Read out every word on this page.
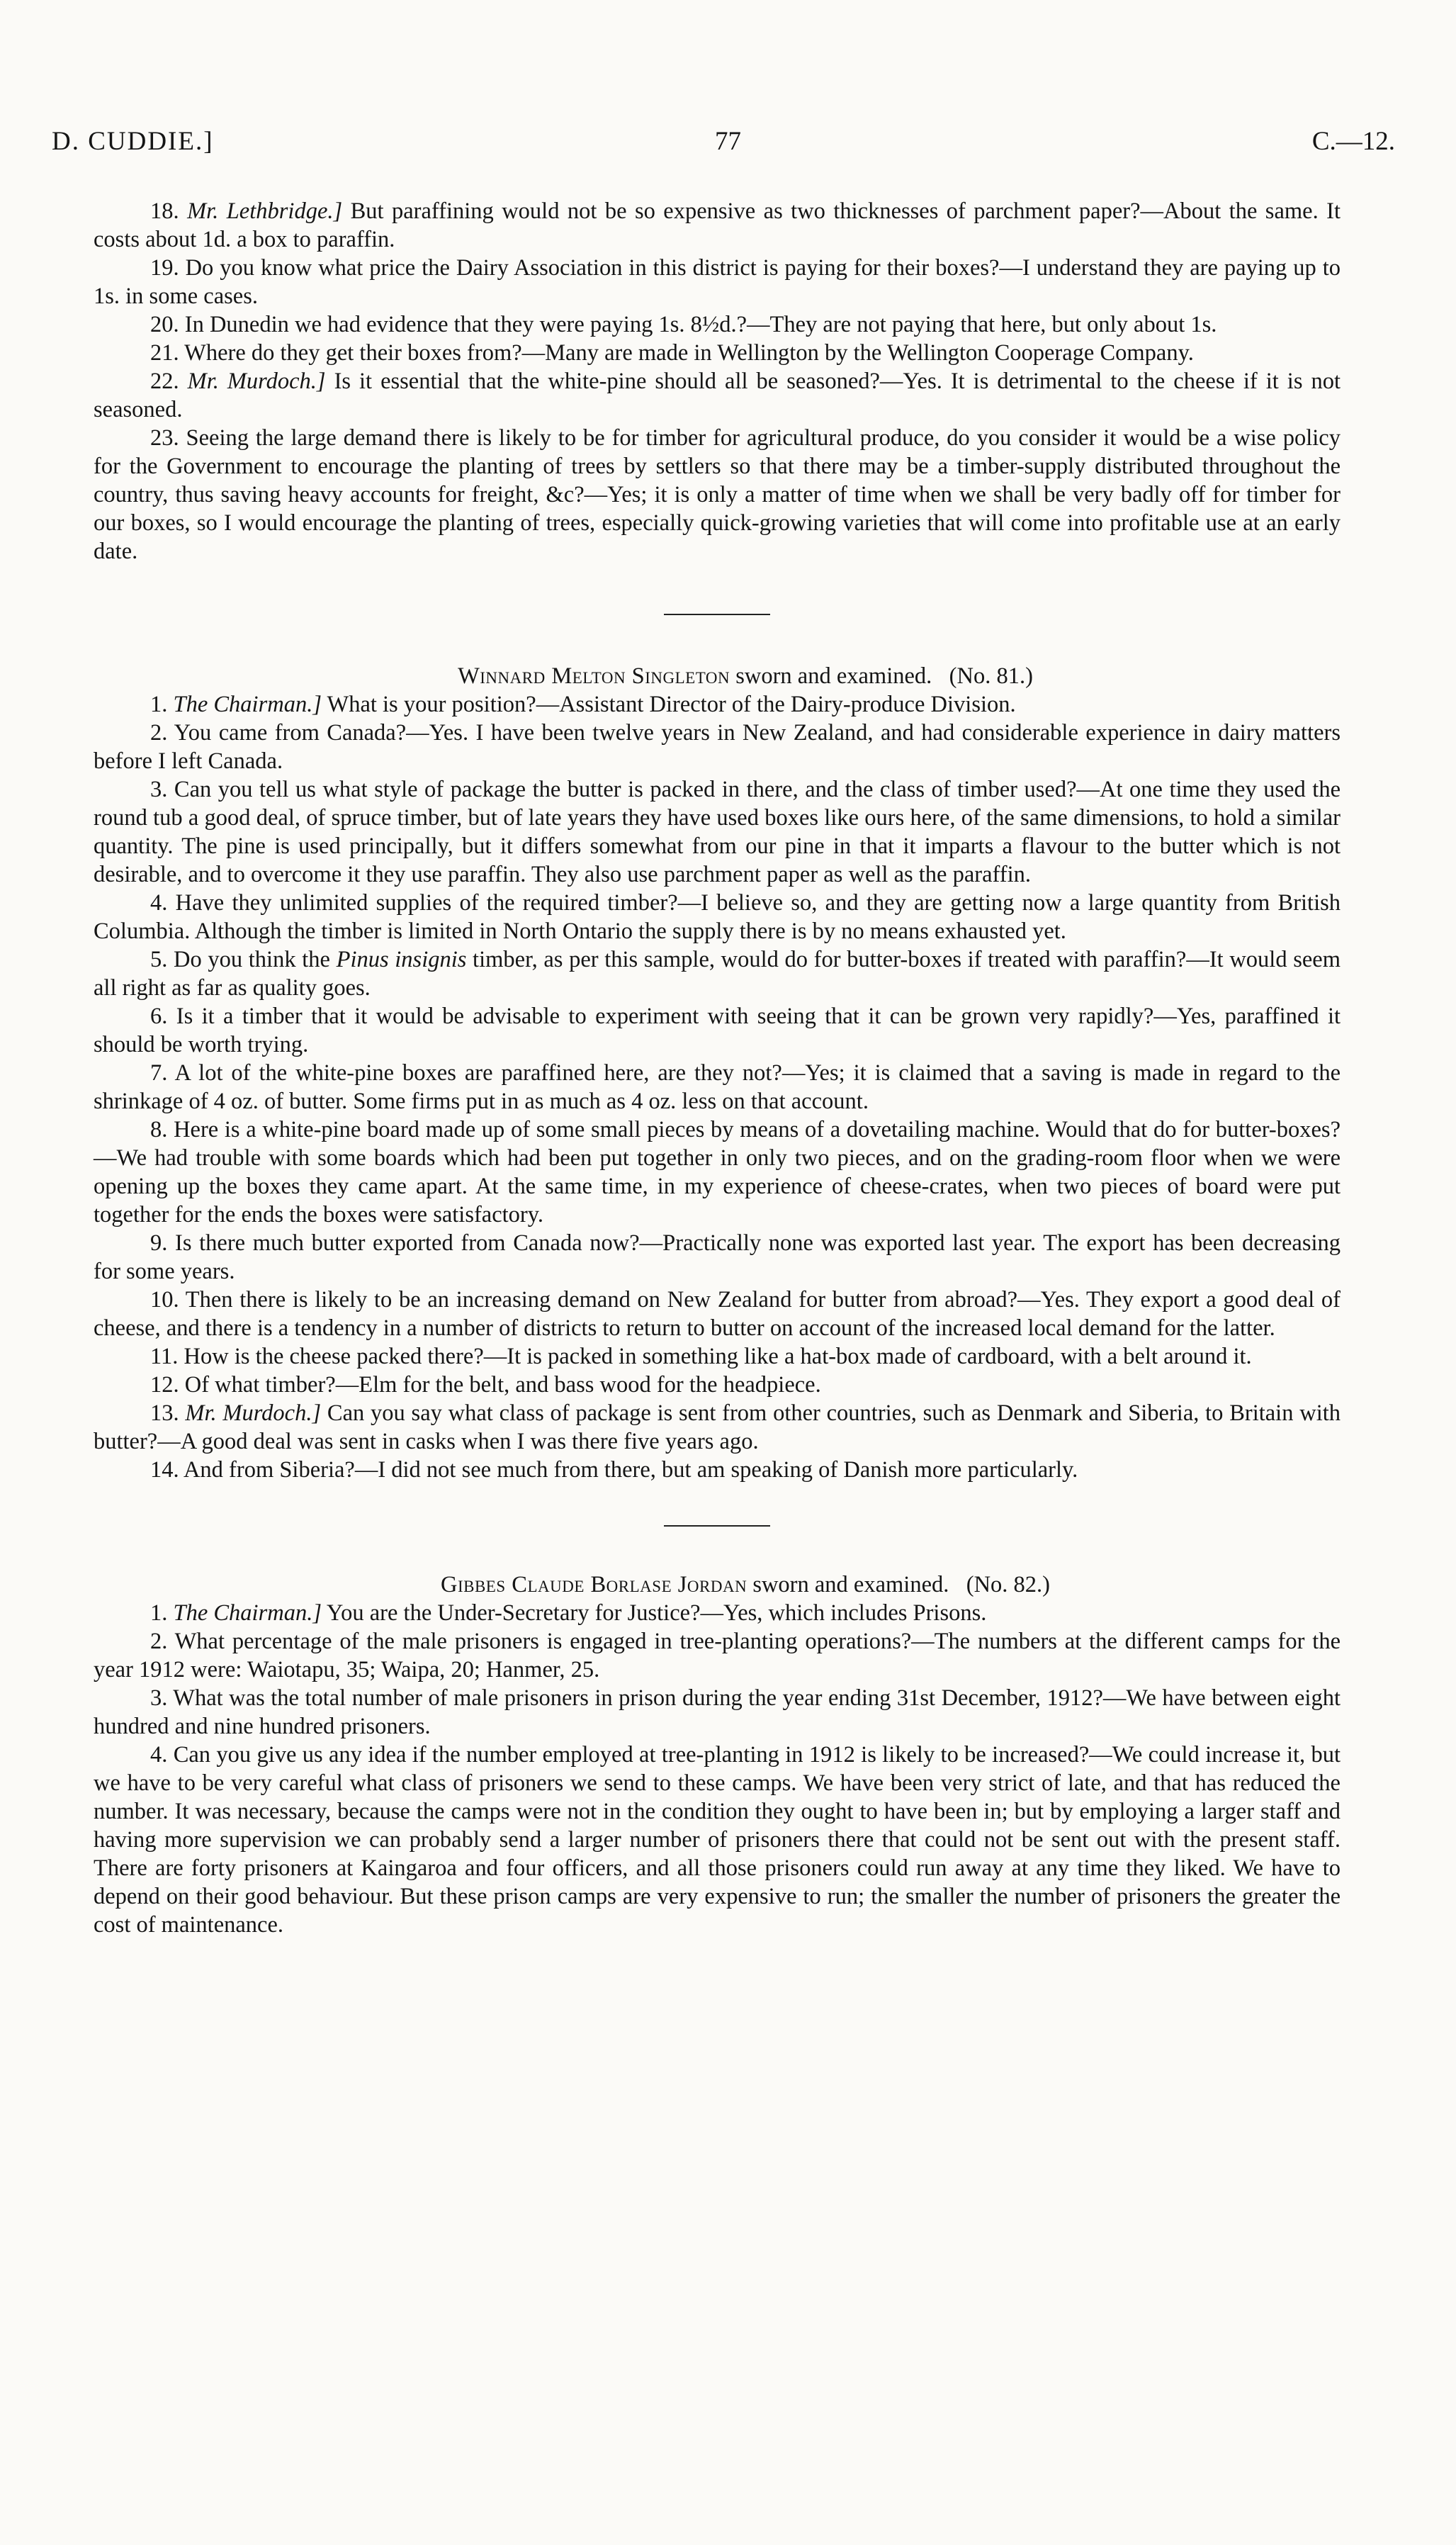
D. CUDDIE.]	77	C.—12.

18. Mr. Lethbridge.] But paraffining would not be so expensive as two thicknesses of parchment paper?—About the same. It costs about 1d. a box to paraffin.

19. Do you know what price the Dairy Association in this district is paying for their boxes?—I understand they are paying up to 1s. in some cases.

20. In Dunedin we had evidence that they were paying 1s. 8½d.?—They are not paying that here, but only about 1s.

21. Where do they get their boxes from?—Many are made in Wellington by the Wellington Cooperage Company.

22. Mr. Murdoch.] Is it essential that the white-pine should all be seasoned?—Yes. It is detrimental to the cheese if it is not seasoned.

23. Seeing the large demand there is likely to be for timber for agricultural produce, do you consider it would be a wise policy for the Government to encourage the planting of trees by settlers so that there may be a timber-supply distributed throughout the country, thus saving heavy accounts for freight, &c?—Yes; it is only a matter of time when we shall be very badly off for timber for our boxes, so I would encourage the planting of trees, especially quick-growing varieties that will come into profitable use at an early date.

Winnard Melton Singleton sworn and examined. (No. 81.)

1. The Chairman.] What is your position?—Assistant Director of the Dairy-produce Division.

2. You came from Canada?—Yes. I have been twelve years in New Zealand, and had considerable experience in dairy matters before I left Canada.

3. Can you tell us what style of package the butter is packed in there, and the class of timber used?—At one time they used the round tub a good deal, of spruce timber, but of late years they have used boxes like ours here, of the same dimensions, to hold a similar quantity. The pine is used principally, but it differs somewhat from our pine in that it imparts a flavour to the butter which is not desirable, and to overcome it they use paraffin. They also use parchment paper as well as the paraffin.

4. Have they unlimited supplies of the required timber?—I believe so, and they are getting now a large quantity from British Columbia. Although the timber is limited in North Ontario the supply there is by no means exhausted yet.

5. Do you think the Pinus insignis timber, as per this sample, would do for butter-boxes if treated with paraffin?—It would seem all right as far as quality goes.

6. Is it a timber that it would be advisable to experiment with seeing that it can be grown very rapidly?—Yes, paraffined it should be worth trying.

7. A lot of the white-pine boxes are paraffined here, are they not?—Yes; it is claimed that a saving is made in regard to the shrinkage of 4 oz. of butter. Some firms put in as much as 4 oz. less on that account.

8. Here is a white-pine board made up of some small pieces by means of a dovetailing machine. Would that do for butter-boxes?—We had trouble with some boards which had been put together in only two pieces, and on the grading-room floor when we were opening up the boxes they came apart. At the same time, in my experience of cheese-crates, when two pieces of board were put together for the ends the boxes were satisfactory.

9. Is there much butter exported from Canada now?—Practically none was exported last year. The export has been decreasing for some years.

10. Then there is likely to be an increasing demand on New Zealand for butter from abroad?—Yes. They export a good deal of cheese, and there is a tendency in a number of districts to return to butter on account of the increased local demand for the latter.

11. How is the cheese packed there?—It is packed in something like a hat-box made of cardboard, with a belt around it.

12. Of what timber?—Elm for the belt, and bass wood for the headpiece.

13. Mr. Murdoch.] Can you say what class of package is sent from other countries, such as Denmark and Siberia, to Britain with butter?—A good deal was sent in casks when I was there five years ago.

14. And from Siberia?—I did not see much from there, but am speaking of Danish more particularly.

Gibbes Claude Borlase Jordan sworn and examined. (No. 82.)

1. The Chairman.] You are the Under-Secretary for Justice?—Yes, which includes Prisons.

2. What percentage of the male prisoners is engaged in tree-planting operations?—The numbers at the different camps for the year 1912 were: Waiotapu, 35; Waipa, 20; Hanmer, 25.

3. What was the total number of male prisoners in prison during the year ending 31st December, 1912?—We have between eight hundred and nine hundred prisoners.

4. Can you give us any idea if the number employed at tree-planting in 1912 is likely to be increased?—We could increase it, but we have to be very careful what class of prisoners we send to these camps. We have been very strict of late, and that has reduced the number. It was necessary, because the camps were not in the condition they ought to have been in; but by employing a larger staff and having more supervision we can probably send a larger number of prisoners there that could not be sent out with the present staff. There are forty prisoners at Kaingaroa and four officers, and all those prisoners could run away at any time they liked. We have to depend on their good behaviour. But these prison camps are very expensive to run; the smaller the number of prisoners the greater the cost of maintenance.
